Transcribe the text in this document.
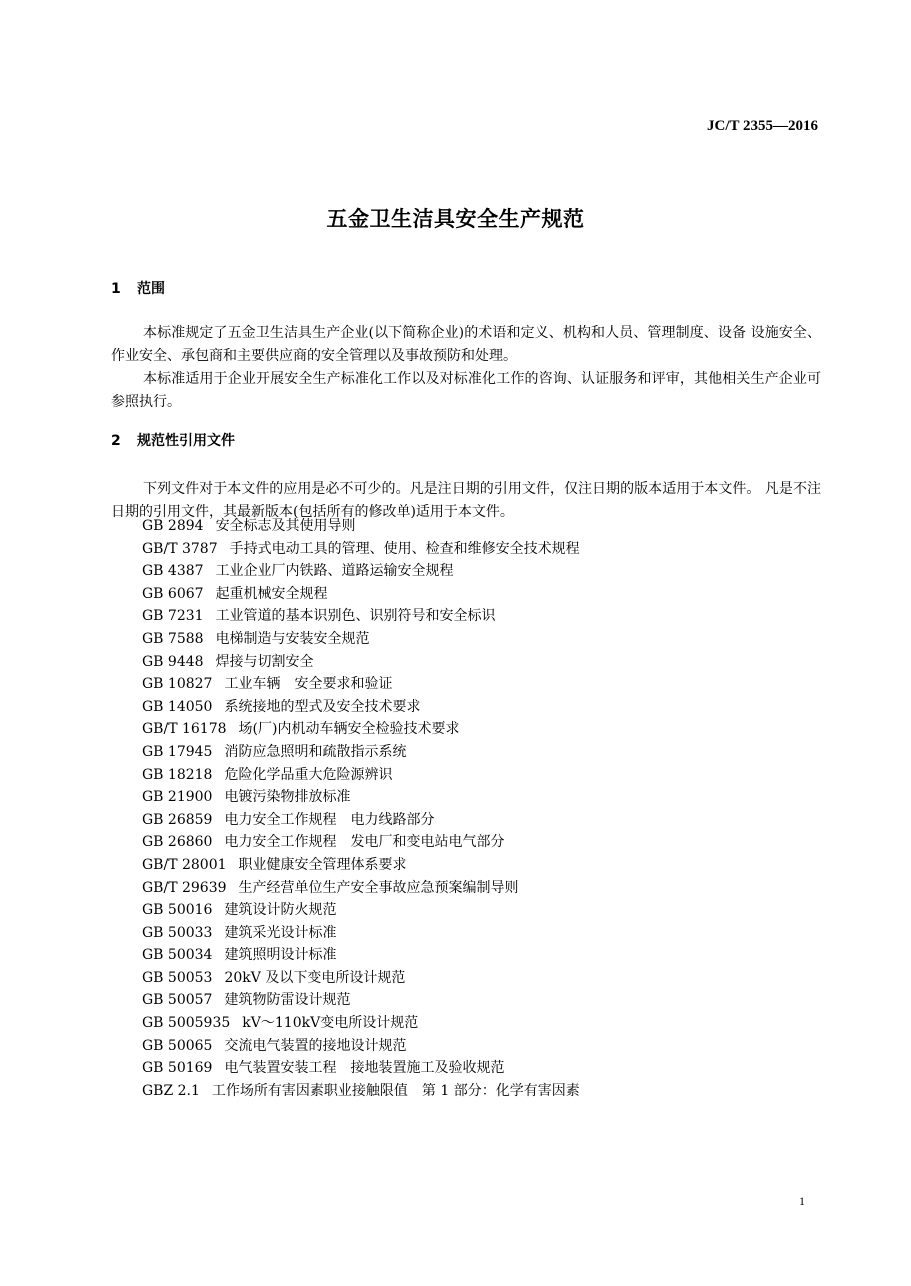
JC/T 2355—2016
五金卫生洁具安全生产规范
1 范围

本标准规定了五金卫生洁具生产企业(以下简称企业)的术语和定义、机构和人员、管理制度、设备 设施安全、作业安全、承包商和主要供应商的安全管理以及事故预防和处理。

本标准适用于企业开展安全生产标准化工作以及对标准化工作的咨询、认证服务和评审，其他相关生产企业可参照执行。

2 规范性引用文件

下列文件对于本文件的应用是必不可少的。凡是注日期的引用文件，仅注日期的版本适用于本文件。 凡是不注日期的引用文件，其最新版本(包括所有的修改单)适用于本文件。

GB 2894 安全标志及其使用导则
GB/T 3787 手持式电动工具的管理、使用、检查和维修安全技术规程
GB 4387 工业企业厂内铁路、道路运输安全规程
GB 6067 起重机械安全规程
GB 7231 工业管道的基本识别色、识别符号和安全标识
GB 7588 电梯制造与安装安全规范
GB 9448 焊接与切割安全
GB 10827 工业车辆　安全要求和验证
GB 14050 系统接地的型式及安全技术要求
GB/T 16178 场(厂)内机动车辆安全检验技术要求
GB 17945 消防应急照明和疏散指示系统
GB 18218 危险化学品重大危险源辨识
GB 21900 电镀污染物排放标准
GB 26859 电力安全工作规程　电力线路部分
GB 26860 电力安全工作规程　发电厂和变电站电气部分
GB/T 28001 职业健康安全管理体系要求
GB/T 29639 生产经营单位生产安全事故应急预案编制导则
GB 50016 建筑设计防火规范
GB 50033 建筑采光设计标准
GB 50034 建筑照明设计标准
GB 50053 20kV 及以下变电所设计规范
GB 50057 建筑物防雷设计规范
GB 5005935 kV～110kV变电所设计规范
GB 50065 交流电气装置的接地设计规范
GB 50169 电气装置安装工程　接地装置施工及验收规范
GBZ 2.1 工作场所有害因素职业接触限值　第 1 部分：化学有害因素
1
